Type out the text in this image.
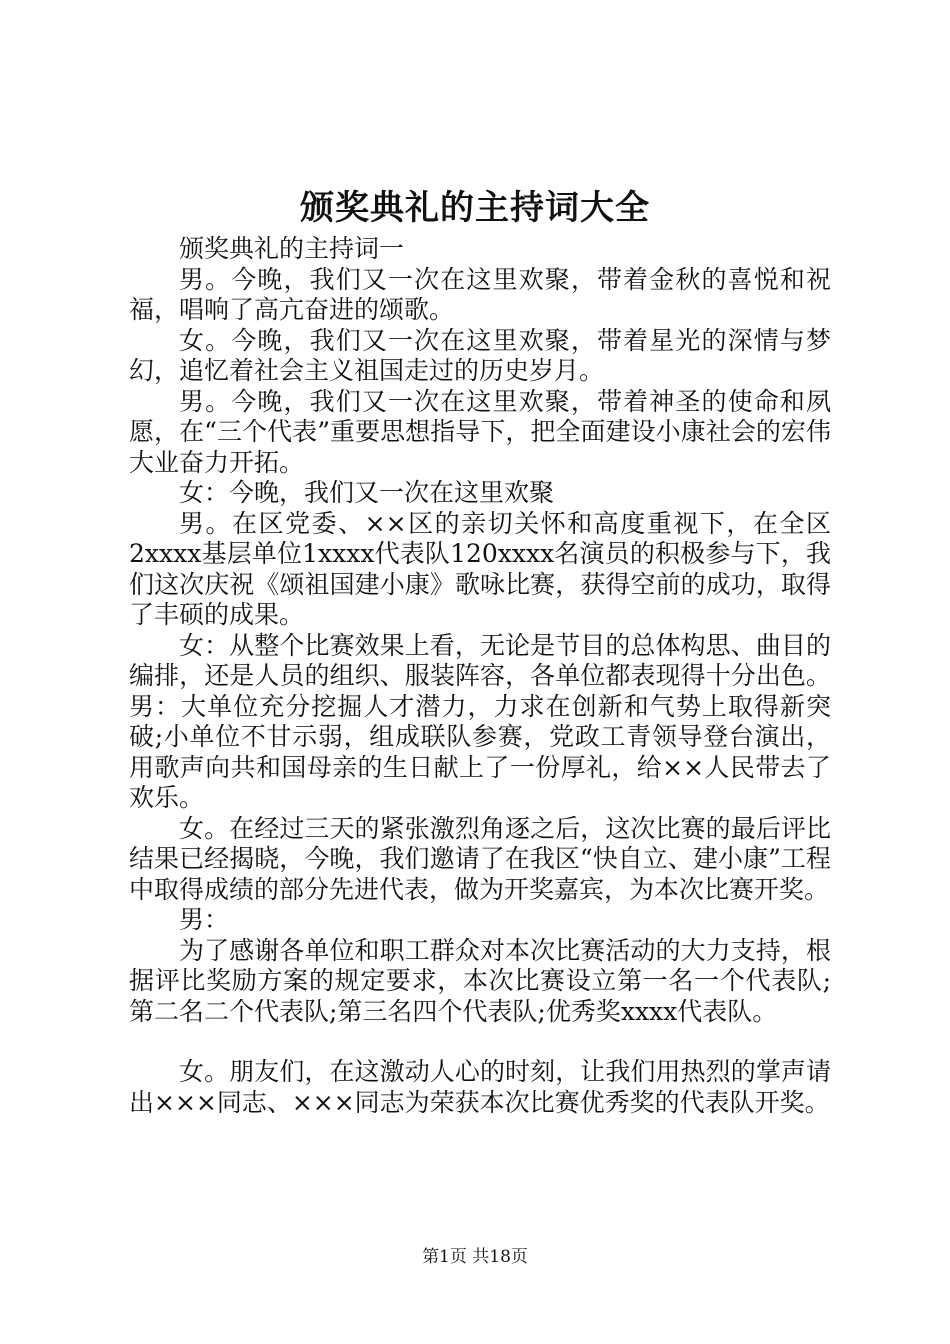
颁奖典礼的主持词大全

颁奖典礼的主持词一

男。今晚，我们又一次在这里欢聚，带着金秋的喜悦和祝福，唱响了高亢奋进的颂歌。

女。今晚，我们又一次在这里欢聚，带着星光的深情与梦幻，追忆着社会主义祖国走过的历史岁月。

男。今晚，我们又一次在这里欢聚，带着神圣的使命和夙愿，在“三个代表”重要思想指导下，把全面建设小康社会的宏伟大业奋力开拓。

女：今晚，我们又一次在这里欢聚

男。在区党委、××区的亲切关怀和高度重视下，在全区2xxxx基层单位1xxxx代表队120xxxx名演员的积极参与下，我们这次庆祝《颂祖国建小康》歌咏比赛，获得空前的成功，取得了丰硕的成果。

女：从整个比赛效果上看，无论是节目的总体构思、曲目的编排，还是人员的组织、服装阵容，各单位都表现得十分出色。男：大单位充分挖掘人才潜力，力求在创新和气势上取得新突破;小单位不甘示弱，组成联队参赛，党政工青领导登台演出，用歌声向共和国母亲的生日献上了一份厚礼，给××人民带去了欢乐。

女。在经过三天的紧张激烈角逐之后，这次比赛的最后评比结果已经揭晓，今晚，我们邀请了在我区“快自立、建小康”工程中取得成绩的部分先进代表，做为开奖嘉宾，为本次比赛开奖。

男：

为了感谢各单位和职工群众对本次比赛活动的大力支持，根据评比奖励方案的规定要求，本次比赛设立第一名一个代表队;第二名二个代表队;第三名四个代表队;优秀奖xxxx代表队。

女。朋友们，在这激动人心的时刻，让我们用热烈的掌声请出×××同志、×××同志为荣获本次比赛优秀奖的代表队开奖。

第1页 共18页
